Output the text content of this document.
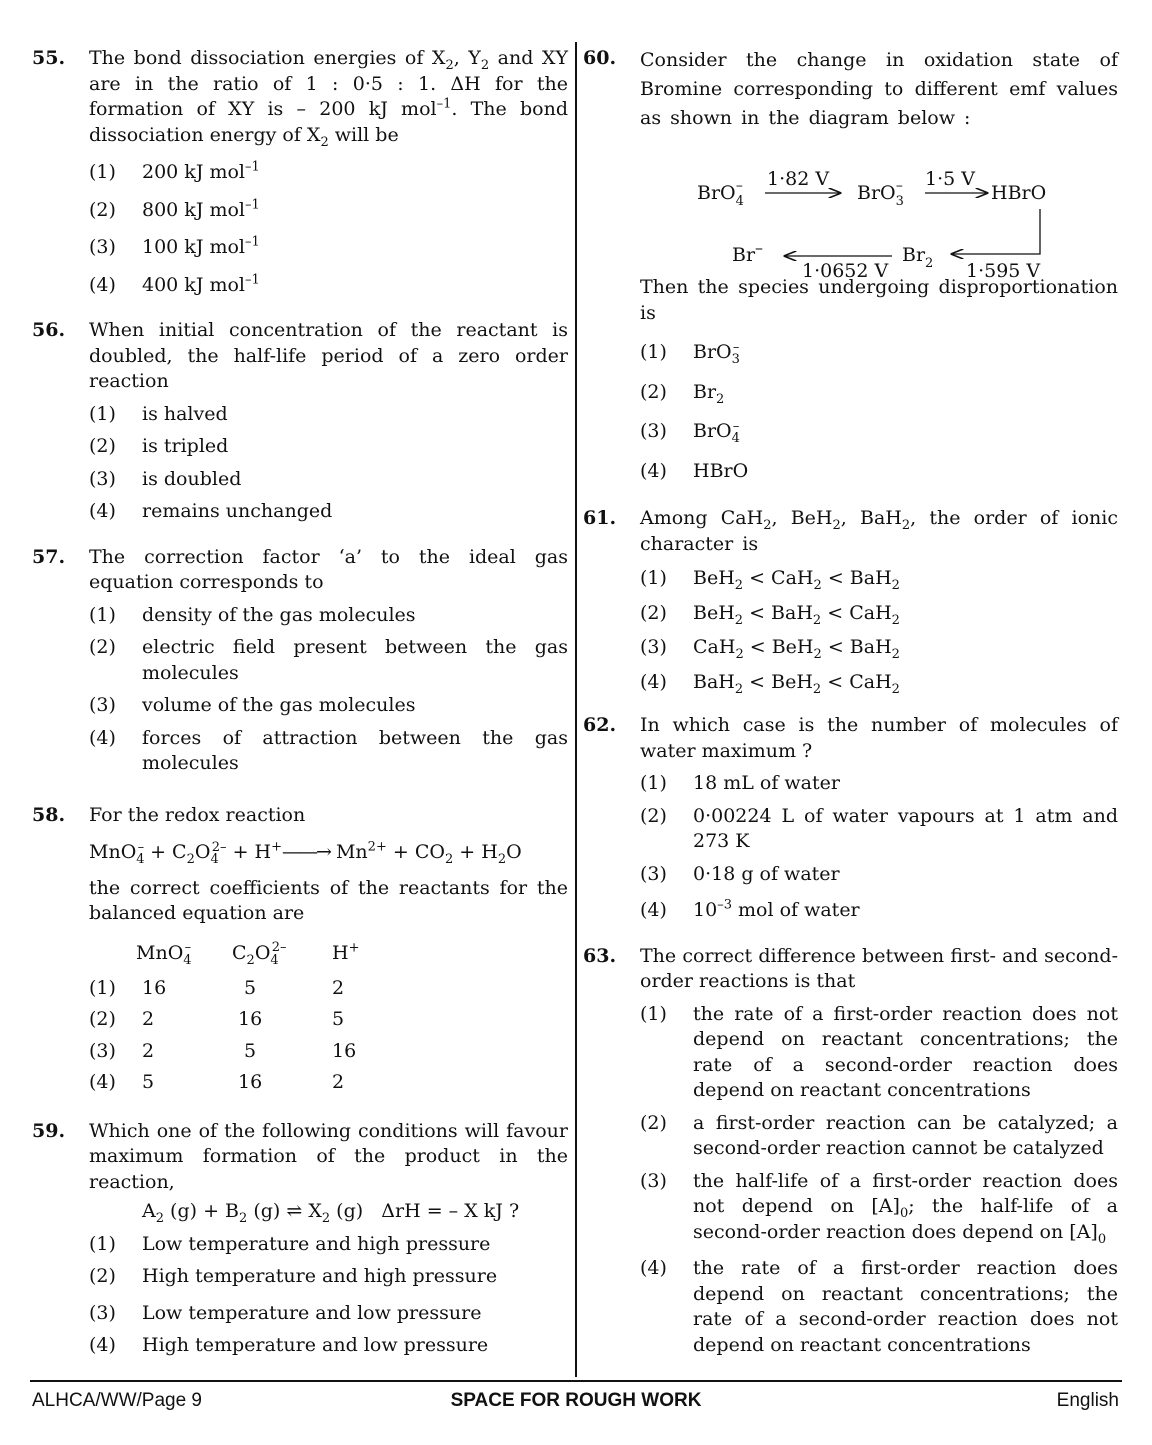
55. The bond dissociation energies of $X_2$, $Y_2$ and XY are in the ratio of 1 : 0·5 : 1. ΔH for the formation of XY is – 200 kJ mol$^{-1}$. The bond dissociation energy of $X_2$ will be
(1) 200 kJ mol$^{-1}$
(2) 800 kJ mol$^{-1}$
(3) 100 kJ mol$^{-1}$
(4) 400 kJ mol$^{-1}$
56. When initial concentration of the reactant is doubled, the half-life period of a zero order reaction
(1) is halved
(2) is tripled
(3) is doubled
(4) remains unchanged
57. The correction factor ‘a’ to the ideal gas equation corresponds to
(1) density of the gas molecules
(2) electric field present between the gas molecules
(3) volume of the gas molecules
(4) forces of attraction between the gas molecules
58. For the redox reaction
$MnO_4^- + C_2O_4^{2-}$ + H+——→ $Mn^{2+} + CO_2 + H_2O$
the correct coefficients of the reactants for the balanced equation are
	MnO$_4$–	$C_2O_4^{2-}$	H+
(1)	16	5	2
(2)	2	16	5
(3)	2	5	16
(4)	5	16	2
59. Which one of the following conditions will favour maximum formation of the product in the reaction,
$A_2$ $(g) + B_2$ (g) ⇌ $X_2$ (g)   ΔrH = – X kJ ?
(1) Low temperature and high pressure
(2) High temperature and high pressure
(3) Low temperature and low pressure
(4) High temperature and low pressure
60. Consider the change in oxidation state of Bromine corresponding to different emf values as shown in the diagram below :
BrO$_4$– 1·82 V
BrO$_3$– 1·5 V
HBrO
1·595 V
$Br_2$
1·0652 V
Br–
Then the species undergoing disproportionation is
(1) BrO$_3$–
(2) $Br_2$
(3) BrO$_4$–
(4) HBrO
61. Among CaH$_2$, BeH$_2$, BaH$_2$, the order of ionic character is
(1) BeH$_2$ < CaH$_2$ < BaH$_2$
(2) BeH$_2$ < BaH$_2$ < CaH$_2$
(3) CaH$_2$ < BeH$_2$ < BaH$_2$
(4) BaH$_2$ < BeH$_2$ < CaH$_2$
62. In which case is the number of molecules of water maximum ?
(1) 18 mL of water
(2) 0·00224 L of water vapours at 1 atm and 273 K
(3) 0·18 g of water
(4) $10^{-3}$ mol of water
63. The correct difference between first- and second-order reactions is that
(1) the rate of a first-order reaction does not depend on reactant concentrations; the rate of a second-order reaction does depend on reactant concentrations
(2) a first-order reaction can be catalyzed; a second-order reaction cannot be catalyzed
(3) the half-life of a first-order reaction does not depend on $[A]_0$; the half-life of a second-order reaction does depend on $[A]_0$
(4) the rate of a first-order reaction does depend on reactant concentrations; the rate of a second-order reaction does not depend on reactant concentrations
ALHCA/WW/Page 9	SPACE FOR ROUGH WORK	English
